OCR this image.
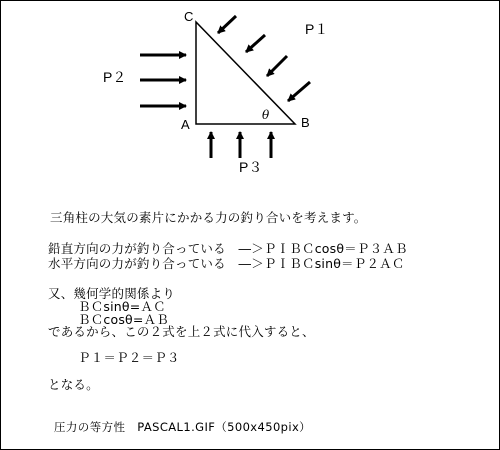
C
A	B
θ
P１
P２
P３
三角柱の大気の素片にかかる力の釣り合いを考えます。
鉛直方向の力が釣り合っている　―＞ＰＩＢＣcosθ＝Ｐ３ＡＢ
水平方向の力が釣り合っている　―＞ＰＩＢＣsinθ＝Ｐ２ＡＣ
又、幾何学的関係より
ＢＣsinθ=ＡＣ
ＢＣcosθ=ＡＢ
であるから、この２式を上２式に代入すると、
Ｐ１＝Ｐ２＝Ｐ３
となる。
圧力の等方性　PASCAL1.GIF（500x450pix）
